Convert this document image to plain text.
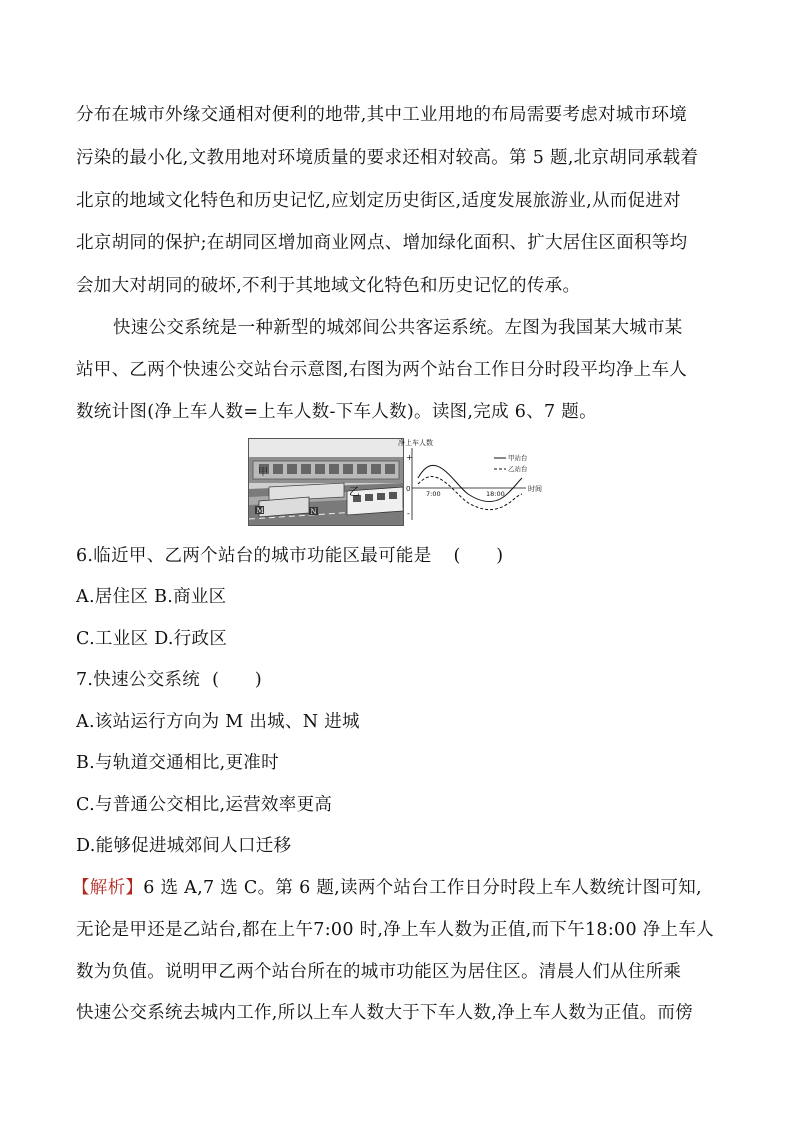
分布在城市外缘交通相对便利的地带,其中工业用地的布局需要考虑对城市环境
污染的最小化,文教用地对环境质量的要求还相对较高。第 5 题,北京胡同承载着
北京的地域文化特色和历史记忆,应划定历史街区,适度发展旅游业,从而促进对
北京胡同的保护;在胡同区增加商业网点、增加绿化面积、扩大居住区面积等均
会加大对胡同的破坏,不利于其地域文化特色和历史记忆的传承。
快速公交系统是一种新型的城郊间公共客运系统。左图为我国某大城市某
站甲、乙两个快速公交站台示意图,右图为两个站台工作日分时段平均净上车人
数统计图(净上车人数=上车人数-下车人数)。读图,完成 6、7 题。
甲
乙
M	N
净上车人数
+
0
-
7:00	18:00
时间
甲站台
乙站台
6.临近甲、乙两个站台的城市功能区最可能是 (　　)
A.居住区 B.商业区
C.工业区 D.行政区
7.快速公交系统 (　　)
A.该站运行方向为 M 出城、N 进城
B.与轨道交通相比,更准时
C.与普通公交相比,运营效率更高
D.能够促进城郊间人口迁移
【解析】6 选 A,7 选 C。第 6 题,读两个站台工作日分时段上车人数统计图可知,
无论是甲还是乙站台,都在上午7:00 时,净上车人数为正值,而下午18:00 净上车人
数为负值。说明甲乙两个站台所在的城市功能区为居住区。清晨人们从住所乘
快速公交系统去城内工作,所以上车人数大于下车人数,净上车人数为正值。而傍
